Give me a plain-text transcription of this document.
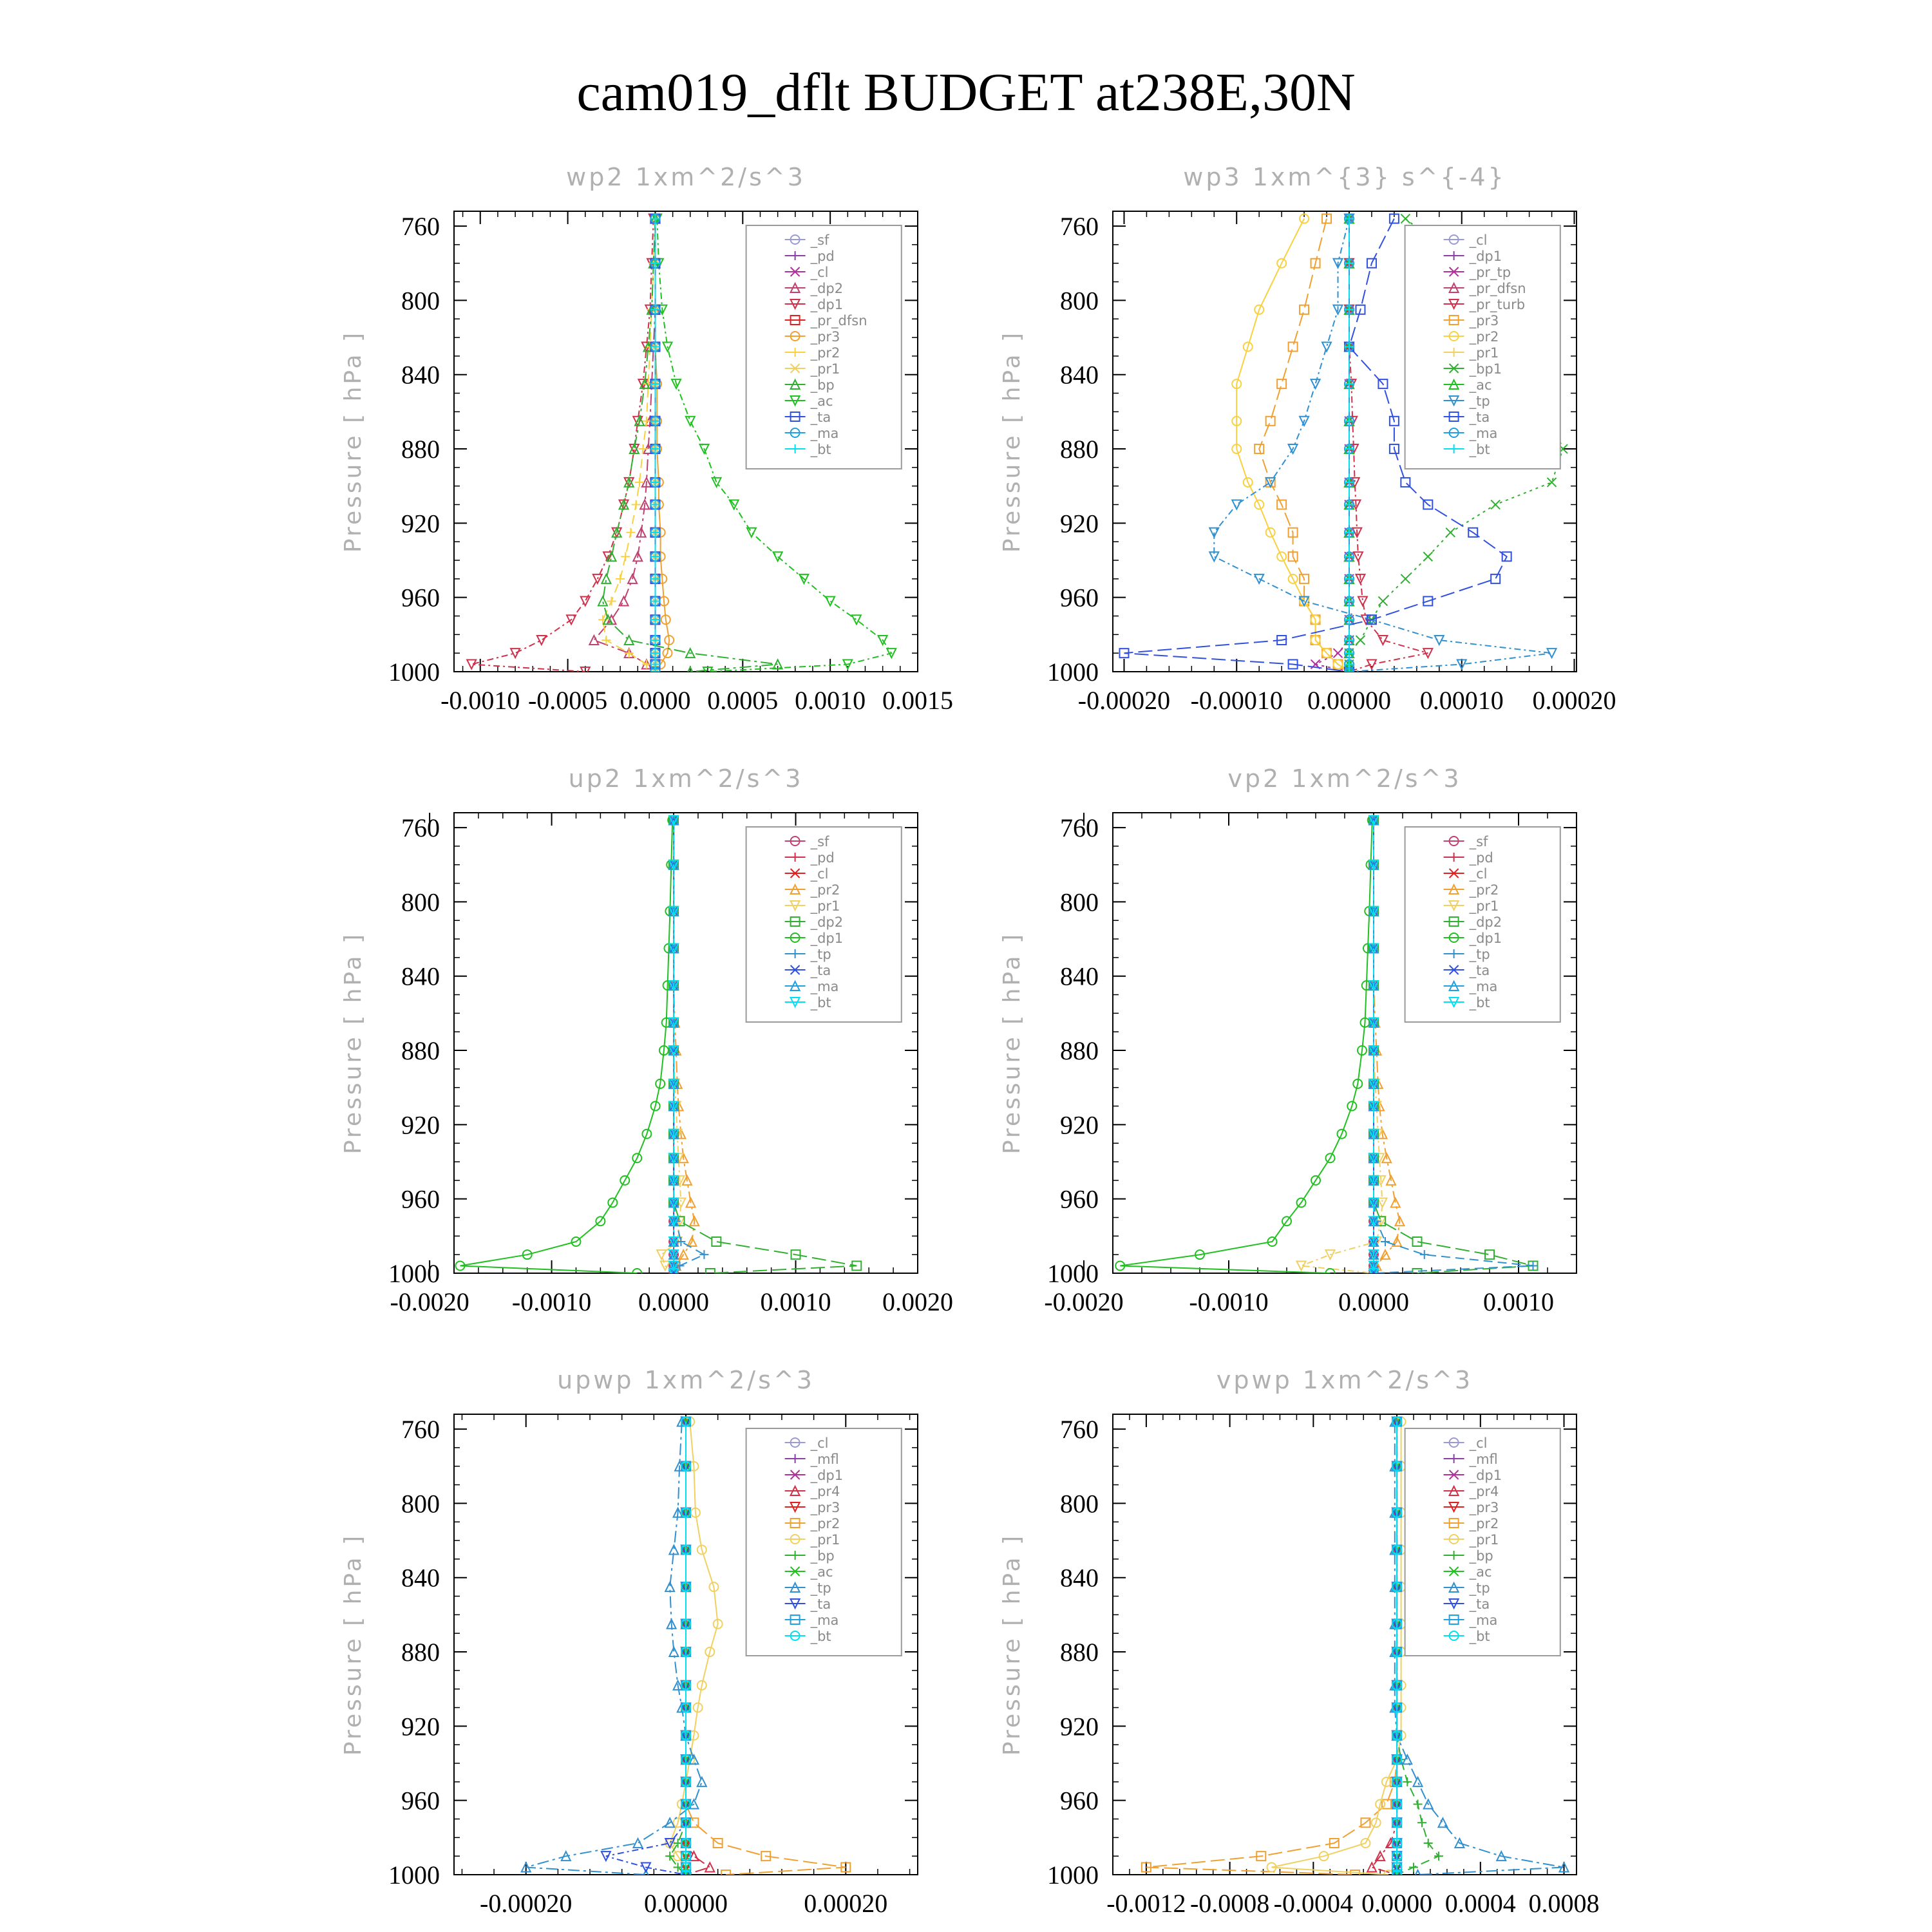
cam019_dflt BUDGET at238E,30N
wp2 1xm^2/s^3
Pressure [ hPa ]
760
800
840
880
920
960
1000
-0.0010 -0.0005 0.0000 0.0005 0.0010 0.0015
_sf
_pd
_cl
_dp2
_dp1
_pr_dfsn
_pr3
_pr2
_pr1
_bp
_ac
_ta
_ma
_bt
wp3 1xm^{3} s^{-4}
Pressure [ hPa ]
760
800
840
880
920
960
1000
-0.00020 -0.00010 0.00000 0.00010 0.00020
_cl
_dp1
_pr_tp
_pr_dfsn
_pr_turb
_pr3
_pr2
_pr1
_bp1
_ac
_tp
_ta
_ma
_bt
up2 1xm^2/s^3
Pressure [ hPa ]
760
800
840
880
920
960
1000
-0.0020 -0.0010 0.0000 0.0010 0.0020
_sf
_pd
_cl
_pr2
_pr1
_dp2
_dp1
_tp
_ta
_ma
_bt
vp2 1xm^2/s^3
Pressure [ hPa ]
760
800
840
880
920
960
1000
-0.0020	-0.0010	0.0000	0.0010
_sf
_pd
_cl
_pr2
_pr1
_dp2
_dp1
_tp
_ta
_ma
_bt
upwp 1xm^2/s^3
Pressure [ hPa ]
760
800
840
880
920
960
1000
-0.00020	0.00000	0.00020
_cl
_mfl
_dp1
_pr4
_pr3
_pr2
_pr1
_bp
_ac
_tp
_ta
_ma
_bt
vpwp 1xm^2/s^3
Pressure [ hPa ]
760
800
840
880
920
960
1000
-0.0012 -0.0008 -0.0004 0.0000 0.0004 0.0008
_cl
_mfl
_dp1
_pr4
_pr3
_pr2
_pr1
_bp
_ac
_tp
_ta
_ma
_bt
